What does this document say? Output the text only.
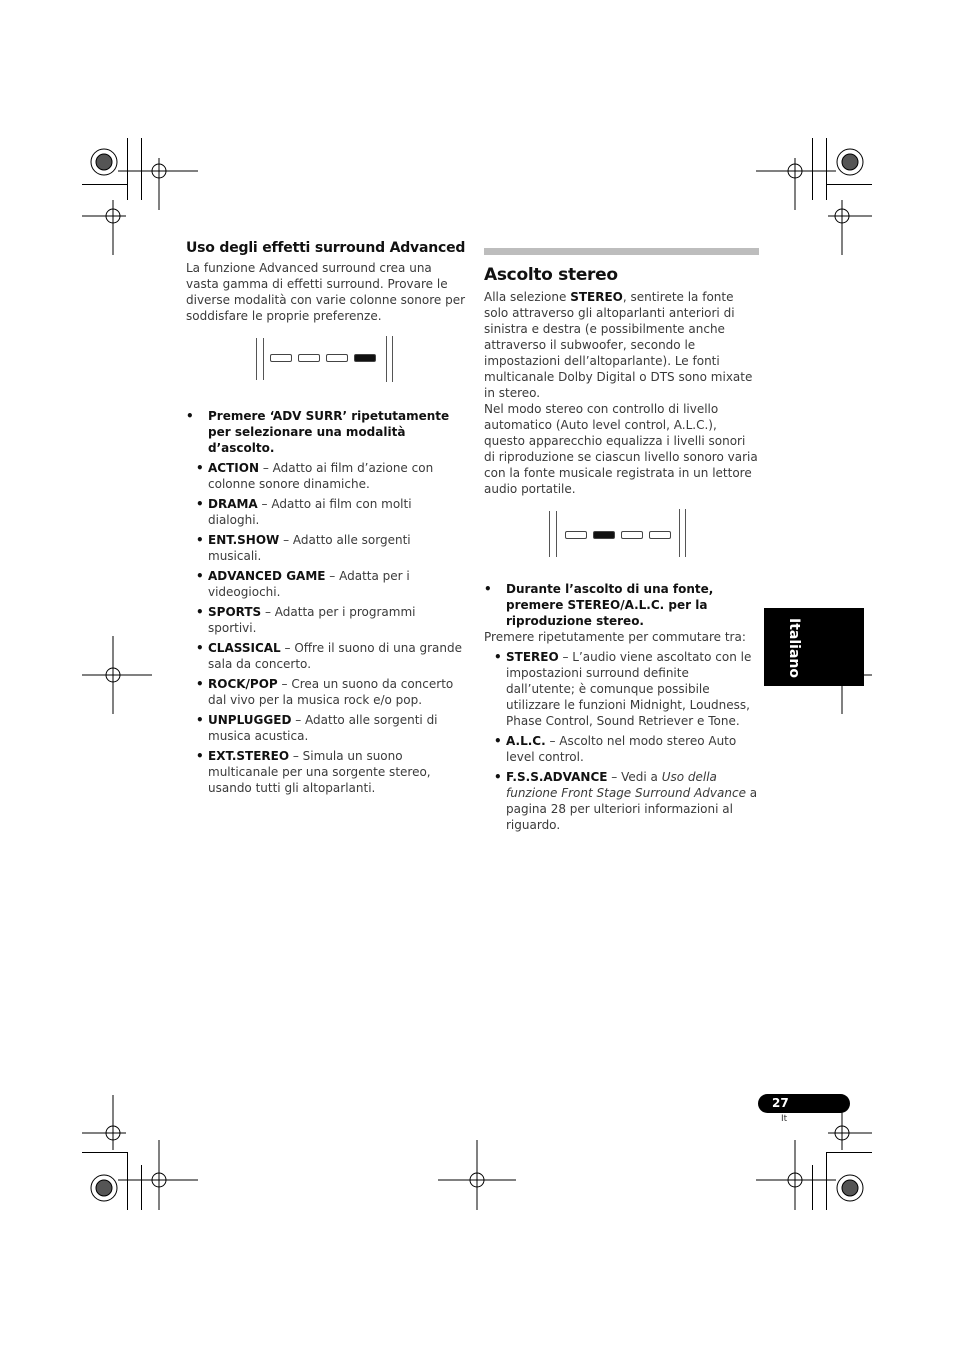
Uso degli effetti surround Advanced

La funzione Advanced surround crea una vasta gamma di effetti surround. Provare le diverse modalità con varie colonne sonore per soddisfare le proprie preferenze.

•	Premere ‘ADV SURR’ ripetutamente per selezionare una modalità d’ascolto.

• ACTION – Adatto ai film d’azione con colonne sonore dinamiche.
• DRAMA – Adatto ai film con molti dialoghi.
• ENT.SHOW – Adatto alle sorgenti musicali.
• ADVANCED GAME – Adatta per i videogiochi.
• SPORTS – Adatta per i programmi sportivi.
• CLASSICAL – Offre il suono di una grande sala da concerto.
• ROCK/POP – Crea un suono da concerto dal vivo per la musica rock e/o pop.
• UNPLUGGED – Adatto alle sorgenti di musica acustica.
• EXT.STEREO – Simula un suono multicanale per una sorgente stereo, usando tutti gli altoparlanti.
Ascolto stereo

Alla selezione STEREO, sentirete la fonte solo attraverso gli altoparlanti anteriori di sinistra e destra (e possibilmente anche attraverso il subwoofer, secondo le impostazioni dell’altoparlante). Le fonti multicanale Dolby Digital o DTS sono mixate in stereo.

Nel modo stereo con controllo di livello automatico (Auto level control, A.L.C.), questo apparecchio equalizza i livelli sonori di riproduzione se ciascun livello sonoro varia con la fonte musicale registrata in un lettore audio portatile.

•	Durante l’ascolto di una fonte, premere STEREO/A.L.C. per la riproduzione stereo.

Premere ripetutamente per commutare tra:

• STEREO – L’audio viene ascoltato con le impostazioni surround definite dall’utente; è comunque possibile utilizzare le funzioni Midnight, Loudness, Phase Control, Sound Retriever e Tone.
• A.L.C. – Ascolto nel modo stereo Auto level control.
• F.S.S.ADVANCE – Vedi a Uso della funzione Front Stage Surround Advance a pagina 28 per ulteriori informazioni al riguardo.
Italiano
27
It
